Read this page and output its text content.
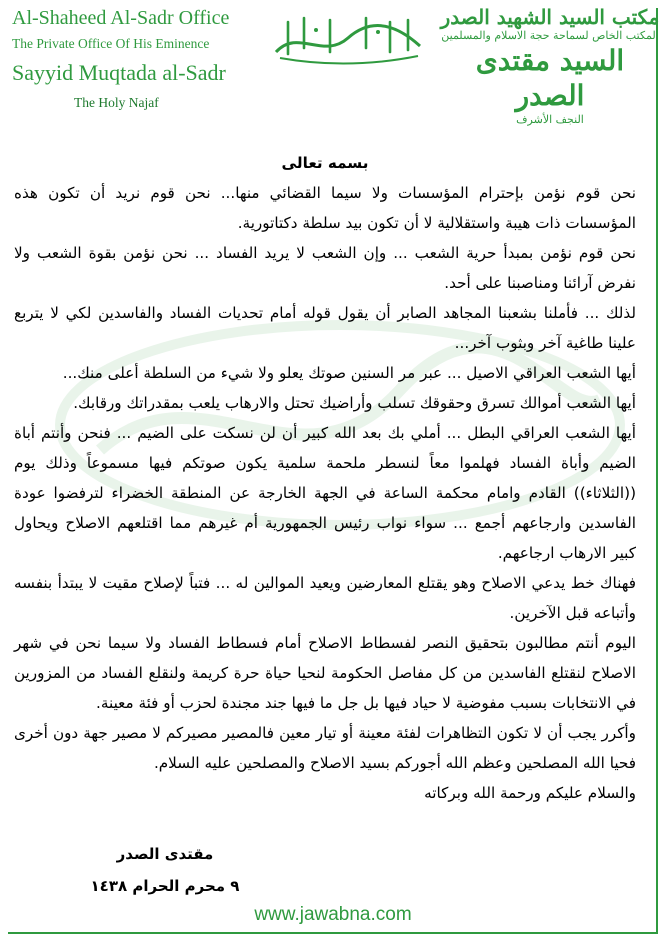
Al-Shaheed Al-Sadr Office
The Private Office Of His Eminence
Sayyid Muqtada al-Sadr
The Holy Najaf
مكتب السيد الشهيد الصدر
المكتب الخاص لسماحة حجة الاسلام والمسلمين
السيد مقتدى الصدر
النجف الأشرف

بسمه تعالى

نحن قوم نؤمن بإحترام المؤسسات ولا سيما القضائي منها... نحن قوم نريد أن تكون هذه المؤسسات ذات هيبة واستقلالية لا أن تكون بيد سلطة دكتاتورية.

نحن قوم نؤمن بمبدأ حرية الشعب ... وإن الشعب لا يريد الفساد ... نحن نؤمن بقوة الشعب ولا نفرض آرائنا ومناصبنا على أحد.

لذلك ... فأملنا بشعبنا المجاهد الصابر أن يقول قوله أمام تحديات الفساد والفاسدين لكي لا يتربع علينا طاغية آخر وبثوب آخر...

أيها الشعب العراقي الاصيل ... عبر مر السنين صوتك يعلو ولا شيء من السلطة أعلى منك...

أيها الشعب أموالك تسرق وحقوقك تسلب وأراضيك تحتل والارهاب يلعب بمقدراتك ورقابك.

أيها الشعب العراقي البطل ... أملي بك بعد الله كبير أن لن نسكت على الضيم ... فنحن وأنتم أباة الضيم وأباة الفساد فهلموا معاً لنسطر ملحمة سلمية يكون صوتكم فيها مسموعاً وذلك يوم ((الثلاثاء)) القادم وامام محكمة الساعة في الجهة الخارجة عن المنطقة الخضراء لترفضوا عودة الفاسدين وارجاعهم أجمع ... سواء نواب رئيس الجمهورية أم غيرهم مما اقتلعهم الاصلاح ويحاول كبير الارهاب ارجاعهم.

فهناك خط يدعي الاصلاح وهو يقتلع المعارضين ويعيد الموالين له ... فتباً لإصلاح مقيت لا يبتدأ بنفسه وأتباعه قبل الآخرين.

اليوم أنتم مطالبون بتحقيق النصر لفسطاط الاصلاح أمام فسطاط الفساد ولا سيما نحن في شهر الاصلاح لنقتلع الفاسدين من كل مفاصل الحكومة لنحيا حياة حرة كريمة ولنقلع الفساد من المزورين في الانتخابات بسبب مفوضية لا حياد فيها بل جل ما فيها جند مجندة لحزب أو فئة معينة.

وأكرر يجب أن لا تكون التظاهرات لفئة معينة أو تيار معين فالمصير مصيركم لا مصير جهة دون أخرى فحيا الله المصلحين وعظم الله أجوركم بسيد الاصلاح والمصلحين عليه السلام.

والسلام عليكم ورحمة الله وبركاته

مقتدى الصدر
٩ محرم الحرام ١٤٣٨
www.jawabna.com
